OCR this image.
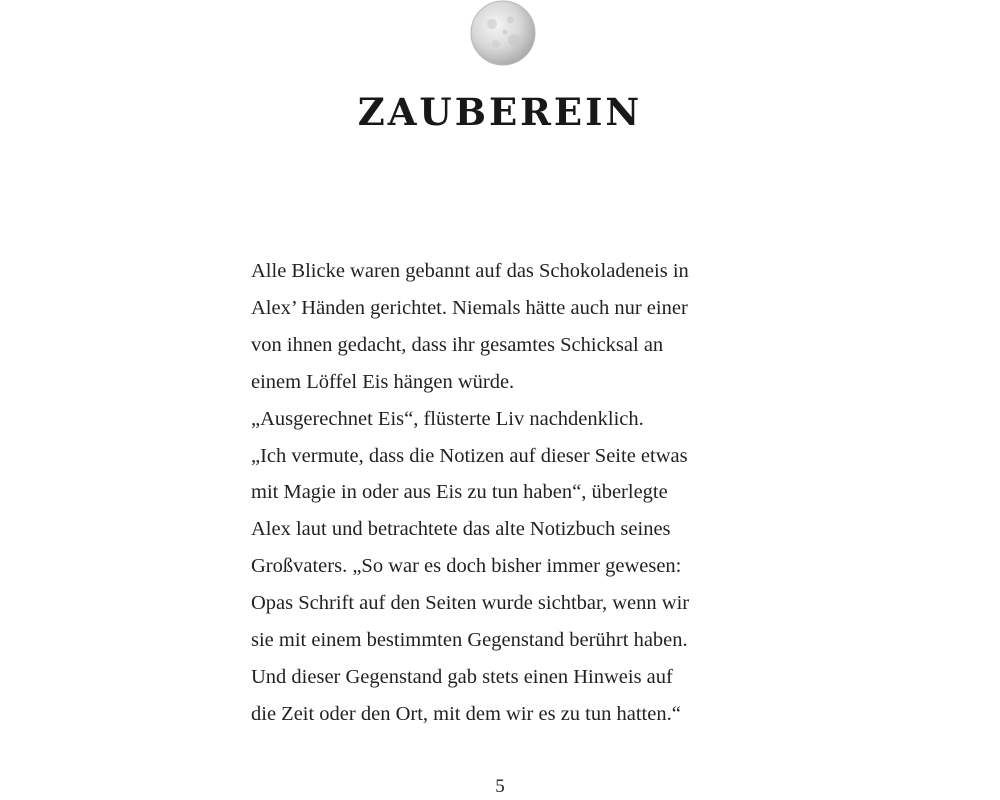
ZAUBEREIN
Alle Blicke waren gebannt auf das Schokoladeneis in
Alex’ Händen gerichtet. Niemals hätte auch nur einer
von ihnen gedacht, dass ihr gesamtes Schicksal an
einem Löffel Eis hängen würde.
„Ausgerechnet Eis“, flüsterte Liv nachdenklich.
„Ich vermute, dass die Notizen auf dieser Seite etwas
mit Magie in oder aus Eis zu tun haben“, überlegte
Alex laut und betrachtete das alte Notizbuch seines
Großvaters. „So war es doch bisher immer gewesen:
Opas Schrift auf den Seiten wurde sichtbar, wenn wir
sie mit einem bestimmten Gegenstand berührt haben.
Und dieser Gegenstand gab stets einen Hinweis auf
die Zeit oder den Ort, mit dem wir es zu tun hatten.“
5
